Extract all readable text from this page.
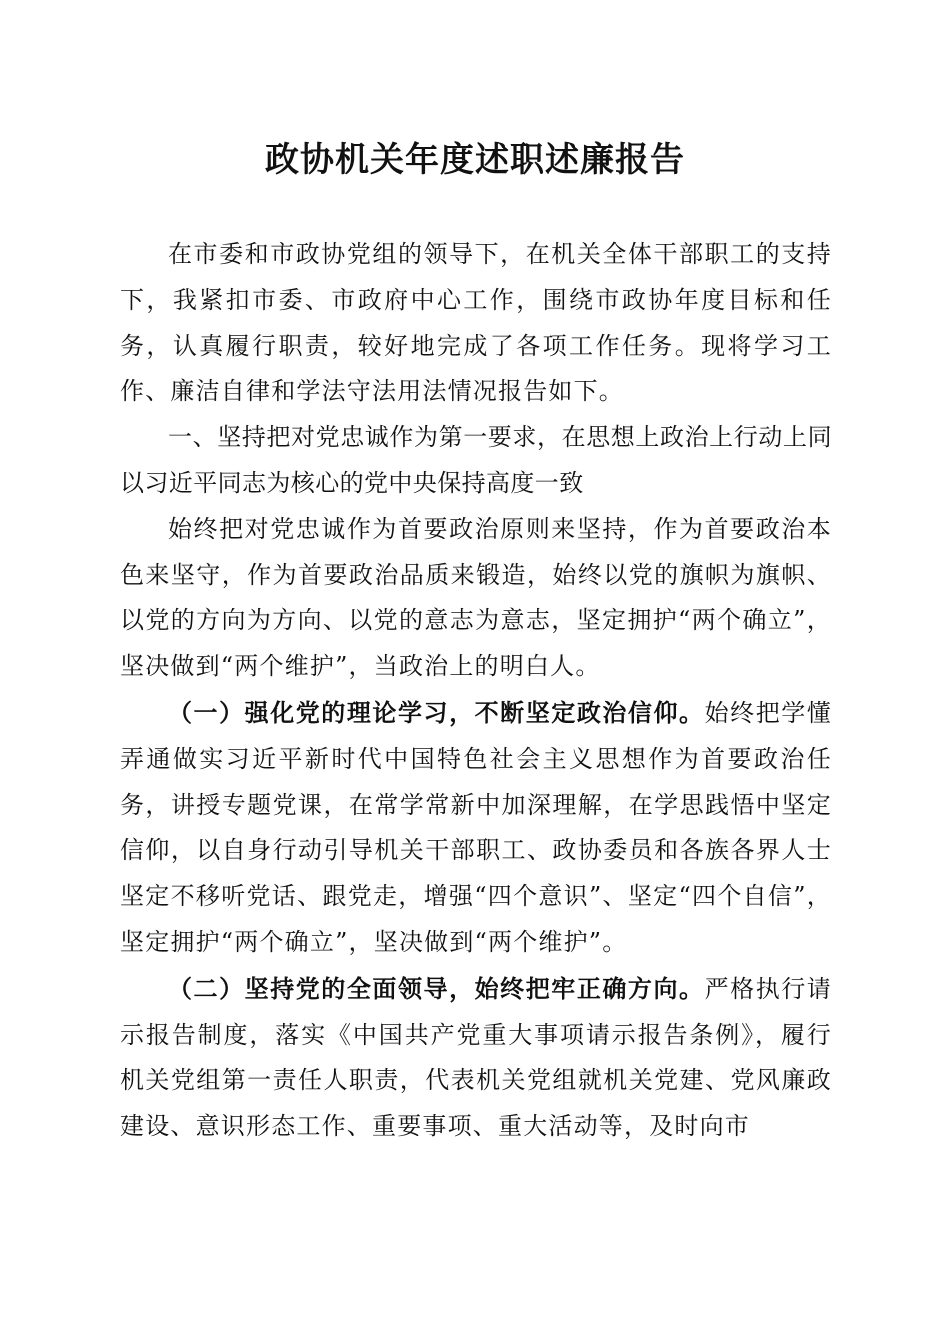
政协机关年度述职述廉报告

在市委和市政协党组的领导下，在机关全体干部职工的支持下，我紧扣市委、市政府中心工作，围绕市政协年度目标和任务，认真履行职责，较好地完成了各项工作任务。现将学习工作、廉洁自律和学法守法用法情况报告如下。

一、坚持把对党忠诚作为第一要求，在思想上政治上行动上同以习近平同志为核心的党中央保持高度一致

始终把对党忠诚作为首要政治原则来坚持，作为首要政治本色来坚守，作为首要政治品质来锻造，始终以党的旗帜为旗帜、以党的方向为方向、以党的意志为意志，坚定拥护“两个确立”，坚决做到“两个维护”，当政治上的明白人。

（一）强化党的理论学习，不断坚定政治信仰。始终把学懂弄通做实习近平新时代中国特色社会主义思想作为首要政治任务，讲授专题党课，在常学常新中加深理解，在学思践悟中坚定信仰，以自身行动引导机关干部职工、政协委员和各族各界人士坚定不移听党话、跟党走，增强“四个意识”、坚定“四个自信”，坚定拥护“两个确立”，坚决做到“两个维护”。

（二）坚持党的全面领导，始终把牢正确方向。严格执行请示报告制度，落实《中国共产党重大事项请示报告条例》，履行机关党组第一责任人职责，代表机关党组就机关党建、党风廉政建设、意识形态工作、重要事项、重大活动等，及时向市
